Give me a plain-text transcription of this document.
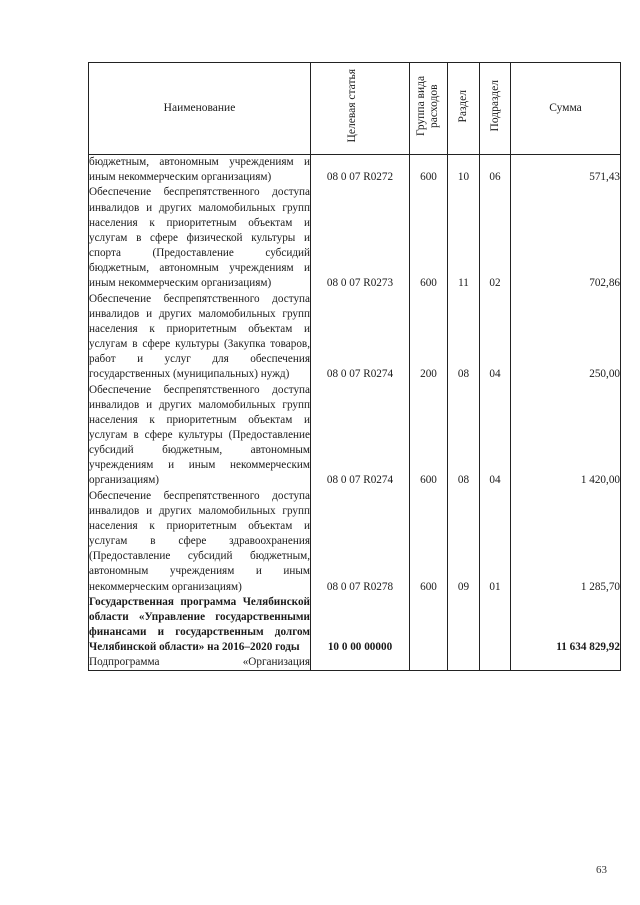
Наименование	Целевая статья	Группа вида расходов	Раздел	Подраздел	Сумма
бюджетным, автономным учреждениям и иным некоммерческим организациям)	08 0 07 R0272	600	10	06	571,43
Обеспечение беспрепятственного доступа инвалидов и других маломобильных групп населения к приоритетным объектам и услугам в сфере физической культуры и спорта (Предоставление субсидий бюджетным, автономным учреждениям и иным некоммерческим организациям)	08 0 07 R0273	600	11	02	702,86
Обеспечение беспрепятственного доступа инвалидов и других маломобильных групп населения к приоритетным объектам и услугам в сфере культуры (Закупка товаров, работ и услуг для обеспечения государственных (муниципальных) нужд)	08 0 07 R0274	200	08	04	250,00
Обеспечение беспрепятственного доступа инвалидов и других маломобильных групп населения к приоритетным объектам и услугам в сфере культуры (Предоставление субсидий бюджетным, автономным учреждениям и иным некоммерческим организациям)	08 0 07 R0274	600	08	04	1 420,00
Обеспечение беспрепятственного доступа инвалидов и других маломобильных групп населения к приоритетным объектам и услугам в сфере здравоохранения (Предоставление субсидий бюджетным, автономным учреждениям и иным некоммерческим организациям)	08 0 07 R0278	600	09	01	1 285,70
Государственная программа Челябинской области «Управление государственными финансами и государственным долгом Челябинской области» на 2016–2020 годы	10 0 00 00000				11 634 829,92
Подпрограмма «Организация					
63
